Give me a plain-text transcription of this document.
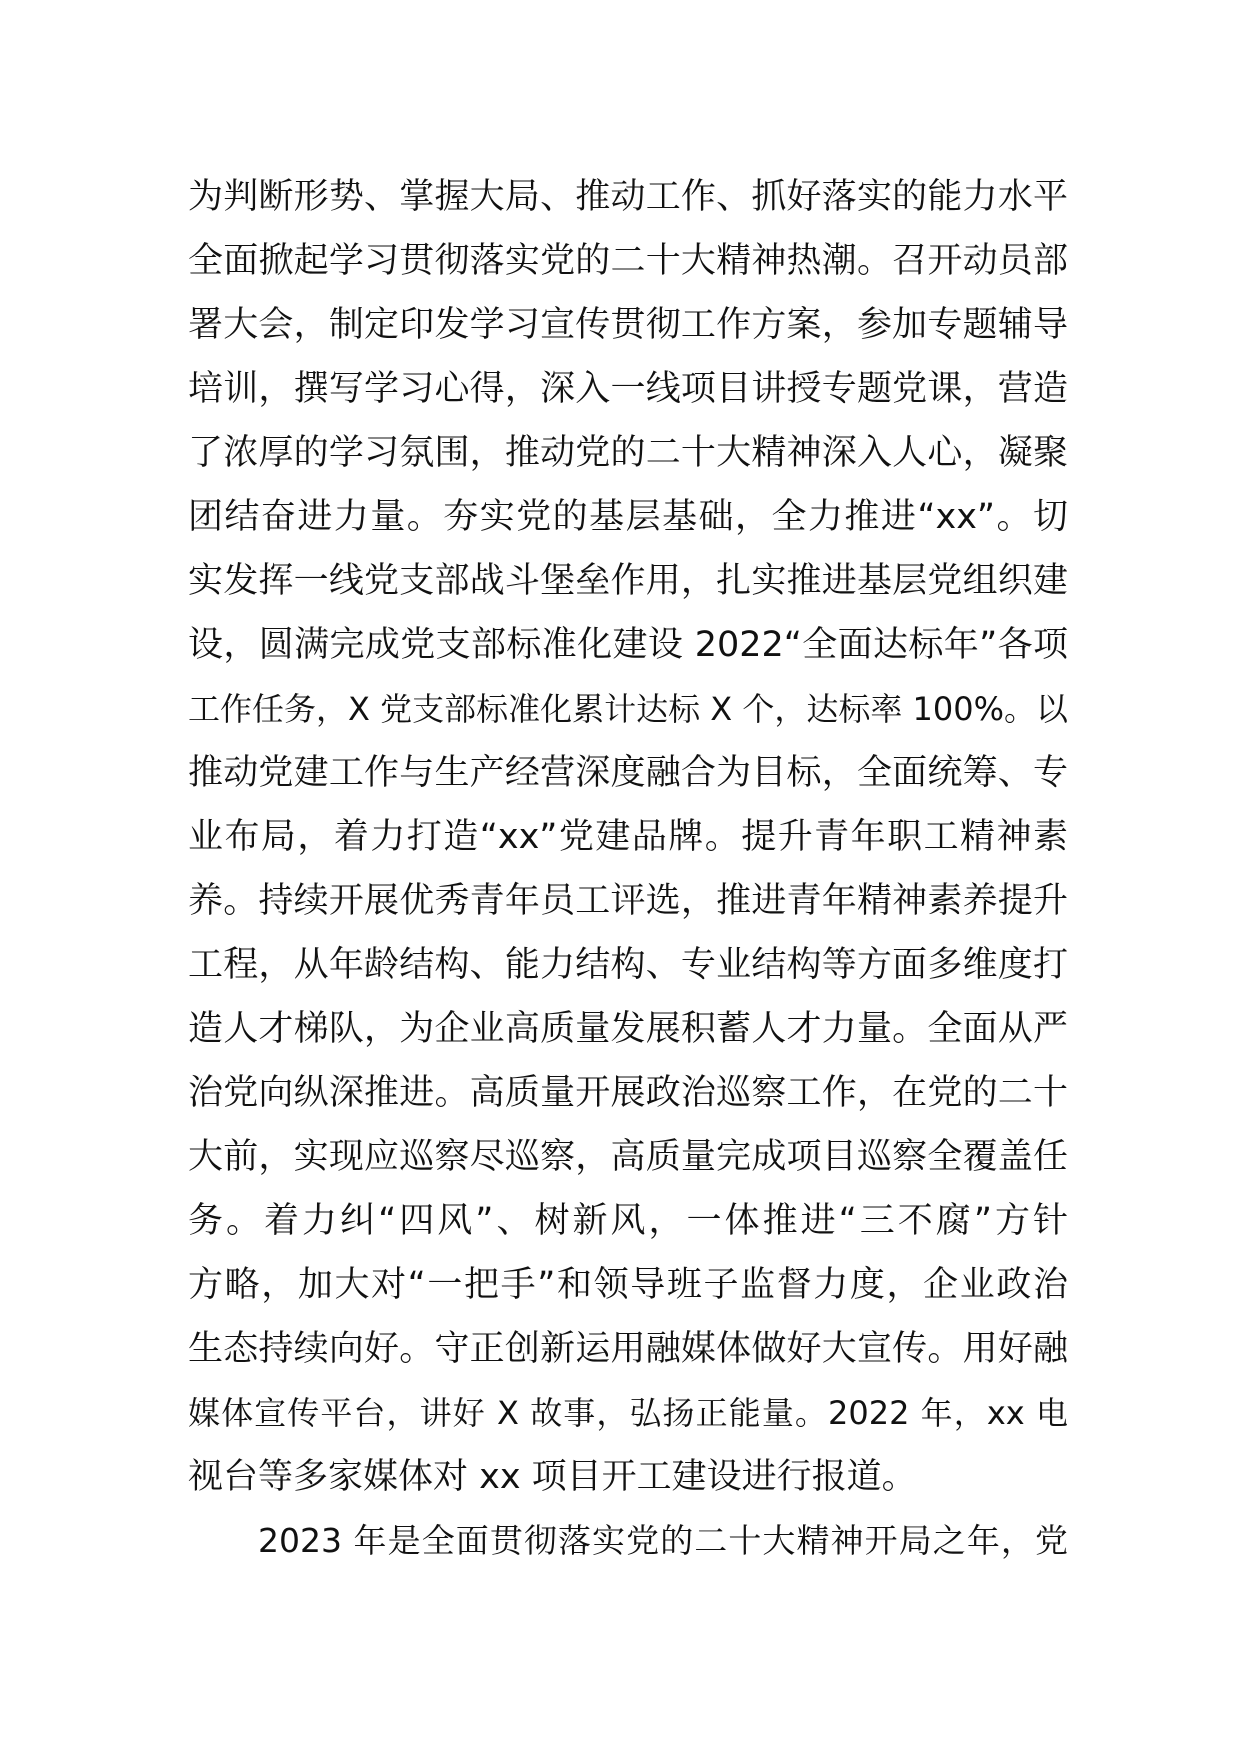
为判断形势、掌握大局、推动工作、抓好落实的能力水平
全面掀起学习贯彻落实党的二十大精神热潮。召开动员部
署大会，制定印发学习宣传贯彻工作方案，参加专题辅导
培训，撰写学习心得，深入一线项目讲授专题党课，营造
了浓厚的学习氛围，推动党的二十大精神深入人心，凝聚
团结奋进力量。夯实党的基层基础，全力推进“xx”。切
实发挥一线党支部战斗堡垒作用，扎实推进基层党组织建
设，圆满完成党支部标准化建设 2022“全面达标年”各项
工作任务，X 党支部标准化累计达标 X 个，达标率 100%。以
推动党建工作与生产经营深度融合为目标，全面统筹、专
业布局，着力打造“xx”党建品牌。提升青年职工精神素
养。持续开展优秀青年员工评选，推进青年精神素养提升
工程，从年龄结构、能力结构、专业结构等方面多维度打
造人才梯队，为企业高质量发展积蓄人才力量。全面从严
治党向纵深推进。高质量开展政治巡察工作，在党的二十
大前，实现应巡察尽巡察，高质量完成项目巡察全覆盖任
务。着力纠“四风”、树新风，一体推进“三不腐”方针
方略，加大对“一把手”和领导班子监督力度，企业政治
生态持续向好。守正创新运用融媒体做好大宣传。用好融
媒体宣传平台，讲好 X 故事，弘扬正能量。2022 年，xx 电
视台等多家媒体对 xx 项目开工建设进行报道。
2023 年是全面贯彻落实党的二十大精神开局之年，党
